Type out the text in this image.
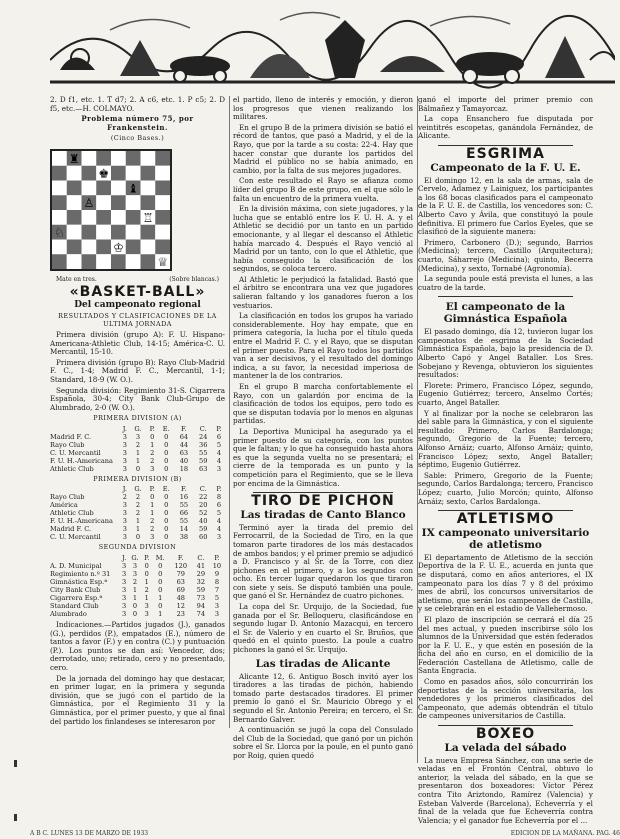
2. D f1, etc. 1. T d7; 2. A c6, etc. 1. P c5; 2. D f5, etc.—H. COLMAYO.

Problema número 75, por Frankenstein.
(Cinco Bases.)
Mate en tres.	(Sobre blancas.)
«BASKET-BALL»
Del campeonato regional
RESULTADOS Y CLASIFICACIONES DE LA ULTIMA JORNADA

Primera división (grupo A): F. U. Hispano-Americana-Athletic Club, 14-15; América-C. U. Mercantil, 15-10.

Primera división (grupo B): Rayo Club-Madrid F. C., 1-4; Madrid F. C., Mercantil, 1-1; Standard, 18-9 (W. O.).

Segunda división: Regimiento 31-S. Cigarrera Española, 30-4; City Bank Club-Grupo de Alumbrado, 2-0 (W. O.).

PRIMERA DIVISION (A)
	J.	G.	P.	E.	F.	C.	P.
Madrid F. C.	3	3	0	0	64	24	6
Rayo Club	3	2	1	0	44	36	5
C. U. Mercantil	3	1	2	0	63	55	4
F. U. H.-Americana	3	1	2	0	40	59	4
Athletic Club	3	0	3	0	18	63	3
PRIMERA DIVISION (B)
	J.	G.	P.	E.	F.	C.	P.
Rayo Club	2	2	0	0	16	22	8
América	3	2	1	0	55	20	6
Athletic Club	3	2	1	0	66	52	5
F. U. H.-Americana	3	1	2	0	55	40	4
Madrid F. C.	3	1	2	0	14	59	4
C. U. Mercantil	3	0	3	0	38	60	3
SEGUNDA DIVISION
	J.	G.	P.	M.	F.	C.	P.
A. D. Municipal	3	3	0	0	120	41	10
Regimiento n.º 31	3	3	0	0	79	29	9
Gimnástica Esp.ª	3	2	1	0	63	32	8
City Bank Club	3	1	2	0	69	59	7
Cigarrera Esp.ª	3	1	1	1	48	73	5
Standard Club	3	0	3	0	12	94	3
Alumbrado	3	0	3	1	23	74	3

Indicaciones.—Partidos jugados (J.), ganados (G.), perdidos (P.), empatados (E.), número de tantos a favor (F.) y en contra (C.) y puntuación (P.). Los puntos se dan así: Vencedor, dos; derrotado, uno; retirado, cero y no presentado, cero.

De la jornada del domingo hay que destacar, en primer lugar, en la primera y segunda división, que se jugó con el partido de la Gimnástica, por el Regimiento 31 y la Gimnástica, por el primer puesto, y que al final del partido los finlandeses se interesaron por

el partido, lleno de interés y emoción, y dieron los progresos que vienen realizando los militares.

En el grupo B de la primera división se batió el récord de tantos, que pasó a Madrid, y el de la Rayo, que por la tarde a su costa: 22-4. Hay que hacer constar que durante los partidos del Madrid el público no se había animado, en cambio, por la falta de sus mejores jugadores.

Con este resultado el Rayo se afianza como líder del grupo B de este grupo, en el que sólo le falta un encuentro de la primera vuelta.

En la división máxima, con siete jugadores, y la lucha que se entabló entre los F. U. H. A. y el Athletic se decidió por un tanto en un partido emocionante, y al llegar el descanso el Athletic había marcado 4. Después el Rayo venció al Madrid por un tanto, con lo que el Athletic, que había conseguido la clasificación de los segundos, se coloca tercero.

Al Athletic le perjudicó la fatalidad. Bastó que el árbitro se encontrara una vez que jugadores salieran faltando y los ganadores fueron a los vestuarios.

La clasificación en todos los grupos ha variado considerablemente. Hoy hay empate, que en primera categoría, la lucha por el título queda entre el Madrid F. C. y el Rayo, que se disputan el primer puesto. Para el Rayo todos los partidos van a ser decisivos, y el resultado del domingo indica, a su favor, la necesidad imperiosa de mantener la de los contrarios.

En el grupo B marcha confortablemente el Rayo, con un galardón por encima de la clasificación de todos los equipos, pero todo es que se disputan todavía por lo menos en algunas partidas.

La Deportiva Municipal ha asegurado ya el primer puesto de su categoría, con los puntos que le faltan; y lo que ha conseguido hasta ahora es que la segunda vuelta no se presentará; el cierre de la temporada es un punto y la competición para el Regimiento, que se le lleva por encima de la Gimnástica.

TIRO DE PICHON
Las tiradas de Canto Blanco

Terminó ayer la tirada del premio del Ferrocarril, de la Sociedad de Tiro, en la que tomaron parte tiradores de los más destacados de ambos bandos; y el primer premio se adjudicó a D. Francisco y al Sr. de la Torre, con diez pichones en el primero, y a los segundos con ocho. En tercer lugar quedaron los que tiraron con siete y seis. Se disputó también una poule, que ganó el Sr. Hernández de cuatro pichones.

La copa del Sr. Urquijo, de la Sociedad, fue ganada por el Sr. Belloqueru, clasificándose en segundo lugar D. Antonio Mazacqui, en tercero el Sr. de Valerio y en cuarto el Sr. Bruños, que quedó en el quinto puesto. La poule a cuatro pichones la ganó el Sr. Urquijo.

Las tiradas de Alicante

Alicante 12, 6. Antiguo Bosch invitó ayer los tiradores a las tiradas de pichón, habiendo tomado parte destacados tiradores. El primer premio lo ganó el Sr. Mauricio Obrego y el segundo el Sr. Antonio Pereira; en tercero, el Sr. Bernardo Galver.

A continuación se jugó la copa del Consulado del Club de la Sociedad, que ganó por un pichón sobre el Sr. Llorca por la poule, en el punto ganó por Roig, quien quedó

ganó el importe del primer premio con Bálmañez y Tamayorcaz.

La copa Ensanchero fue disputada por veintitrés escopetas, ganándola Fernández, de Alicante.

ESGRIMA
Campeonato de la F. U. E.

El domingo 12, en la sala de armas, sala de Cervelo, Adamez y Lainiguez, los participantes a los 68 bocas clasificados para el campeonato de la F. U. E. de Castilla, los vencedores son: C. Alberto Cavo y Ávila, que constituyó la poule definitiva. El primero fue Carlos Eyeles, que se clasificó de la siguiente manera:

Primero, Carbonero (D.); segundo, Barrios (Medicina); tercero, Castillo (Arquitectura); cuarto, Sáharrejo (Medicina); quinto, Becerra (Medicina), y sexto, Tornabé (Agronomía).

La segunda poule está prevista el lunes, a las cuatro de la tarde.

El campeonato de la Gimnástica Española

El pasado domingo, día 12, tuvieron lugar los campeonatos de esgrima de la Sociedad Gimnástica Española, bajo la presidencia de D. Alberto Capó y Angel Bataller. Los Sres. Sobejano y Revenga, obtuvieron los siguientes resultados:

Florete: Primero, Francisco López, segundo, Eugenio Gutiérrez; tercero, Anselmo Cortés; cuarto, Angel Bataller.

Y al finalizar por la noche se celebraron las del sable para la Gimnástica, y con el siguiente resultado: Primero, Carlos Bardalonga; segundo, Gregorio de la Fuente; tercero, Alfonso Arnáiz; cuarto, Alfonso Arnáiz; quinto, Francisco López; sexto, Angel Bataller; séptimo, Eugenio Gutiérrez.

Sable: Primero, Gregorio de la Fuente; segundo, Carlos Bardalonga; tercero, Francisco López; cuarto, Julio Morcón; quinto, Alfonso Arnáiz; sexto, Carlos Bardalonga.

ATLETISMO
IX campeonato universitario de atletismo

El departamento de Atletismo de la sección Deportiva de la F. U. E., acuerda en junta que se disputará, como en años anteriores, el IX campeonato para los días 7 y 8 del próximo mes de abril, los concursos universitarios de atletismo, que serán los campeones de Castilla, y se celebrarán en el estadio de Vallehermoso.

El plazo de inscripción se cerrará el día 25 del mes actual, y pueden inscribirse sólo los alumnos de la Universidad que estén federados por la F. U. E., y que estén en posesión de la ficha del año en curso, en el domicilio de la Federación Castellana de Atletismo, calle de Santa Engracia.

Como en pasados años, sólo concurrirán los deportistas de la sección universitaria, los vendedores y los primeros clasificados del Campeonato, que además obtendrán el título de campeones universitarios de Castilla.

BOXEO
La velada del sábado

La nueva Empresa Sánchez, con una serie de veladas en el Frontón Central, obtuvo lo anterior, la velada del sábado, en la que se presentaron dos boxeadores: Víctor Pérez contra Tito Ariztondo, Ramírez (Valencia) y Esteban Valverde (Barcelona), Echeverría y el final de la velada que fue Echeverría contra Valencia; y el ganador fue Echeverría por el ...

A B C. LUNES 13 DE MARZO DE 1933	EDICION DE LA MAÑANA. PAG. 46
